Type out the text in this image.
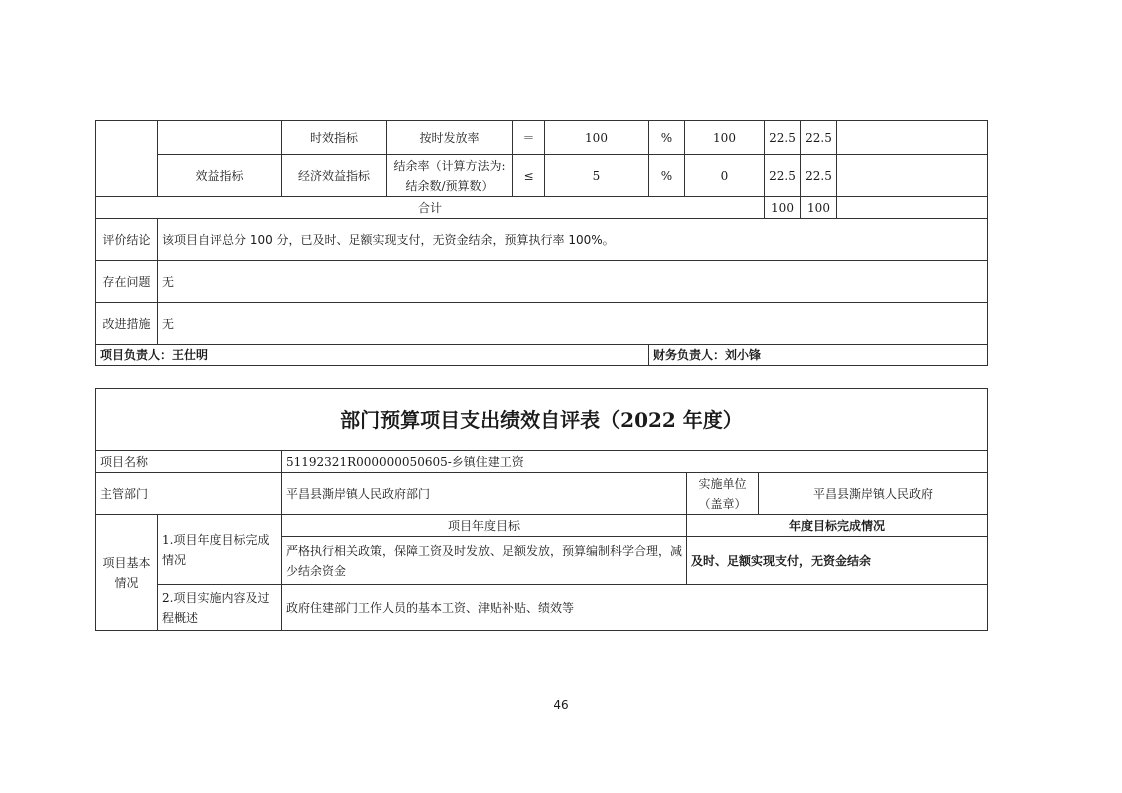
		时效指标	按时发放率	＝	100	%	100	22.5	22.5	
	效益指标	经济效益指标	结余率（计算方法为:结余数/预算数）	≤	5	%	0	22.5	22.5	
合计								100	100	
评价结论	该项目自评总分 100 分，已及时、足额实现支付，无资金结余，预算执行率 100%。									
存在问题	无									
改进措施	无									
项目负责人：王仕明						财务负责人：刘小锋				
部门预算项目支出绩效自评表（2022 年度）				
项目名称		51192321R000000050605-乡镇住建工资		
主管部门		平昌县澌岸镇人民政府部门	实施单位（盖章）	平昌县澌岸镇人民政府
项目基本情况	1.项目年度目标完成情况	项目年度目标	年度目标完成情况	
		严格执行相关政策，保障工资及时发放、足额发放，预算编制科学合理，减少结余资金	及时、足额实现支付，无资金结余	
	2.项目实施内容及过程概述	政府住建部门工作人员的基本工资、津贴补贴、绩效等		
46
